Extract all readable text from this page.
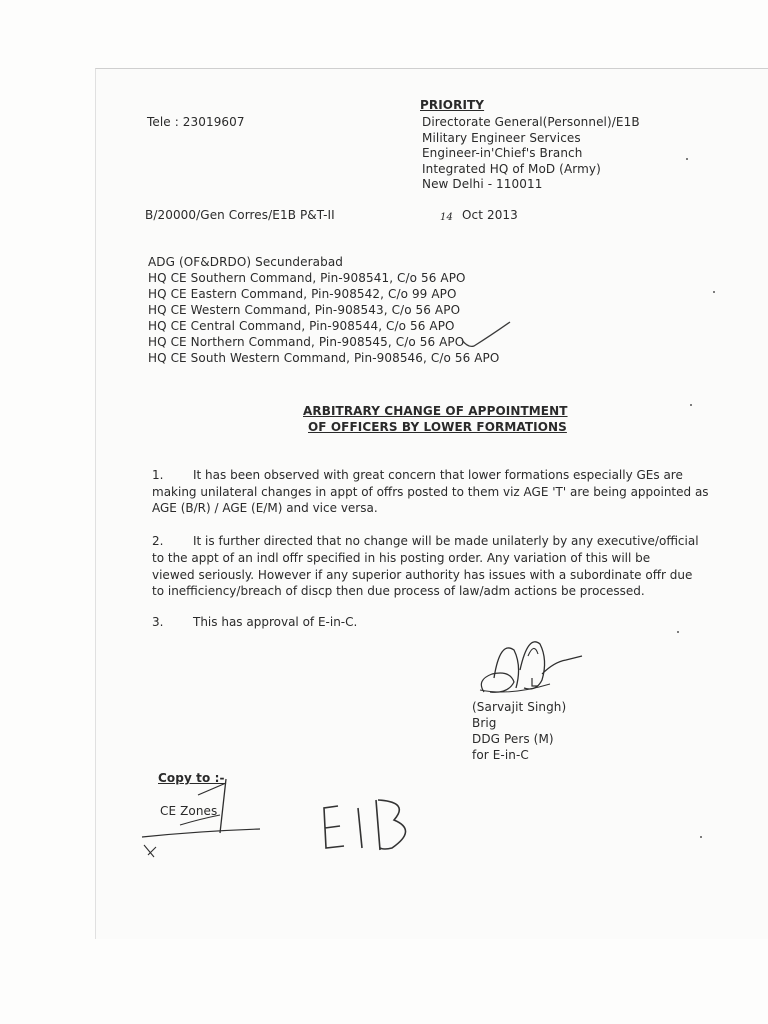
PRIORITY
Tele : 23019607	Directorate General(Personnel)/E1B
Military Engineer Services
Engineer-in'Chief's Branch
Integrated HQ of MoD (Army)
New Delhi - 110011
B/20000/Gen Corres/E1B P&T-II	14 Oct 2013
ADG (OF&DRDO) Secunderabad
HQ CE Southern Command, Pin-908541, C/o 56 APO
HQ CE Eastern Command, Pin-908542, C/o 99 APO
HQ CE Western Command, Pin-908543, C/o 56 APO
HQ CE Central Command, Pin-908544, C/o 56 APO
HQ CE Northern Command, Pin-908545, C/o 56 APO
HQ CE South Western Command, Pin-908546, C/o 56 APO
ARBITRARY CHANGE OF APPOINTMENT
OF OFFICERS BY LOWER FORMATIONS
1. It has been observed with great concern that lower formations especially GEs are
making unilateral changes in appt of offrs posted to them viz AGE 'T' are being appointed as
AGE (B/R) / AGE (E/M) and vice versa.
2. It is further directed that no change will be made unilaterly by any executive/official
to the appt of an indl offr specified in his posting order. Any variation of this will be
viewed seriously. However if any superior authority has issues with a subordinate offr due
to inefficiency/breach of discp then due process of law/adm actions be processed.
3. This has approval of E-in-C.
(Sarvajit Singh)
Brig
DDG Pers (M)
for E-in-C
Copy to :-
CE Zones
